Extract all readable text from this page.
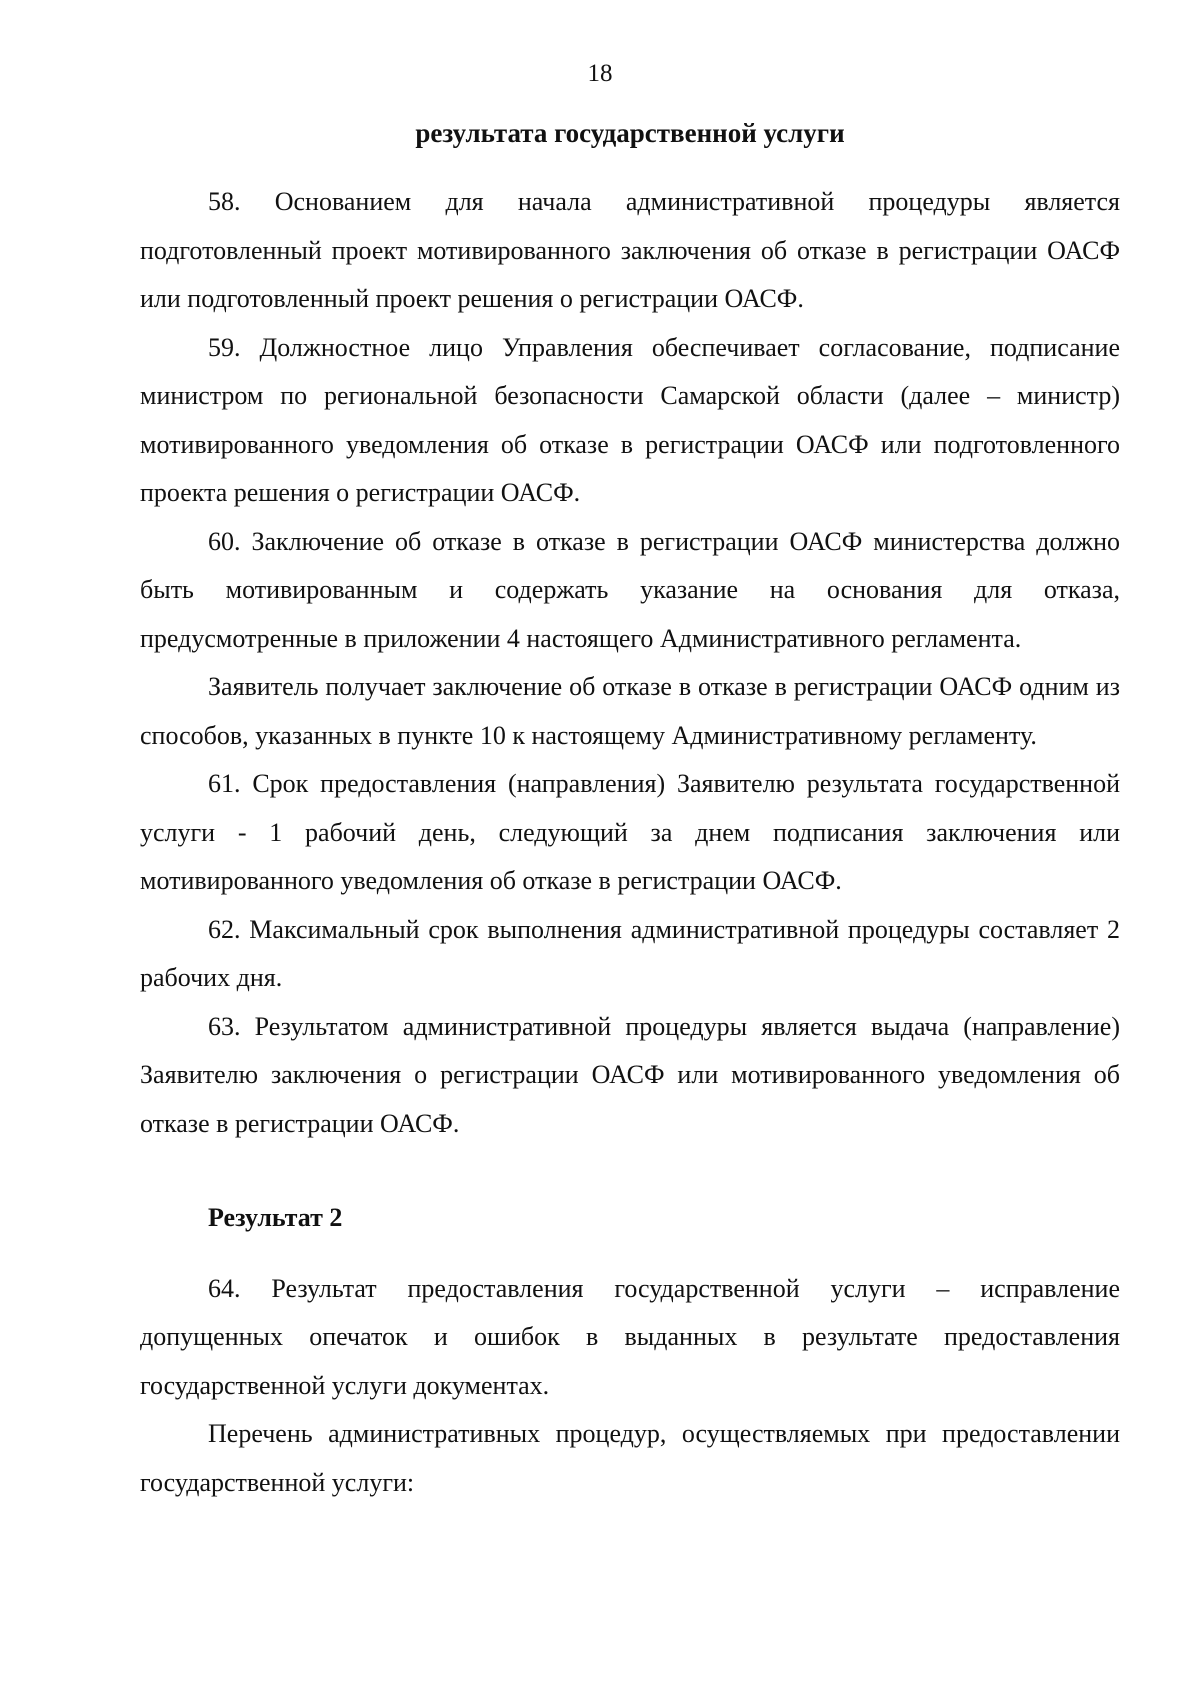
18
результата государственной услуги

58. Основанием для начала административной процедуры является подготовленный проект мотивированного заключения об отказе в регистрации ОАСФ или подготовленный проект решения о регистрации ОАСФ.

59. Должностное лицо Управления обеспечивает согласование, подписание министром по региональной безопасности Самарской области (далее – министр) мотивированного уведомления об отказе в регистрации ОАСФ или подготовленного проекта решения о регистрации ОАСФ.

60. Заключение об отказе в отказе в регистрации ОАСФ министерства должно быть мотивированным и содержать указание на основания для отказа, предусмотренные в приложении 4 настоящего Административного регламента.

Заявитель получает заключение об отказе в отказе в регистрации ОАСФ одним из способов, указанных в пункте 10 к настоящему Административному регламенту.

61. Срок предоставления (направления) Заявителю результата государственной услуги - 1 рабочий день, следующий за днем подписания заключения или мотивированного уведомления об отказе в регистрации ОАСФ.

62. Максимальный срок выполнения административной процедуры составляет 2 рабочих дня.

63. Результатом административной процедуры является выдача (направление) Заявителю заключения о регистрации ОАСФ или мотивированного уведомления об отказе в регистрации ОАСФ.

Результат 2

64. Результат предоставления государственной услуги – исправление допущенных опечаток и ошибок в выданных в результате предоставления государственной услуги документах.

Перечень административных процедур, осуществляемых при предоставлении государственной услуги:
